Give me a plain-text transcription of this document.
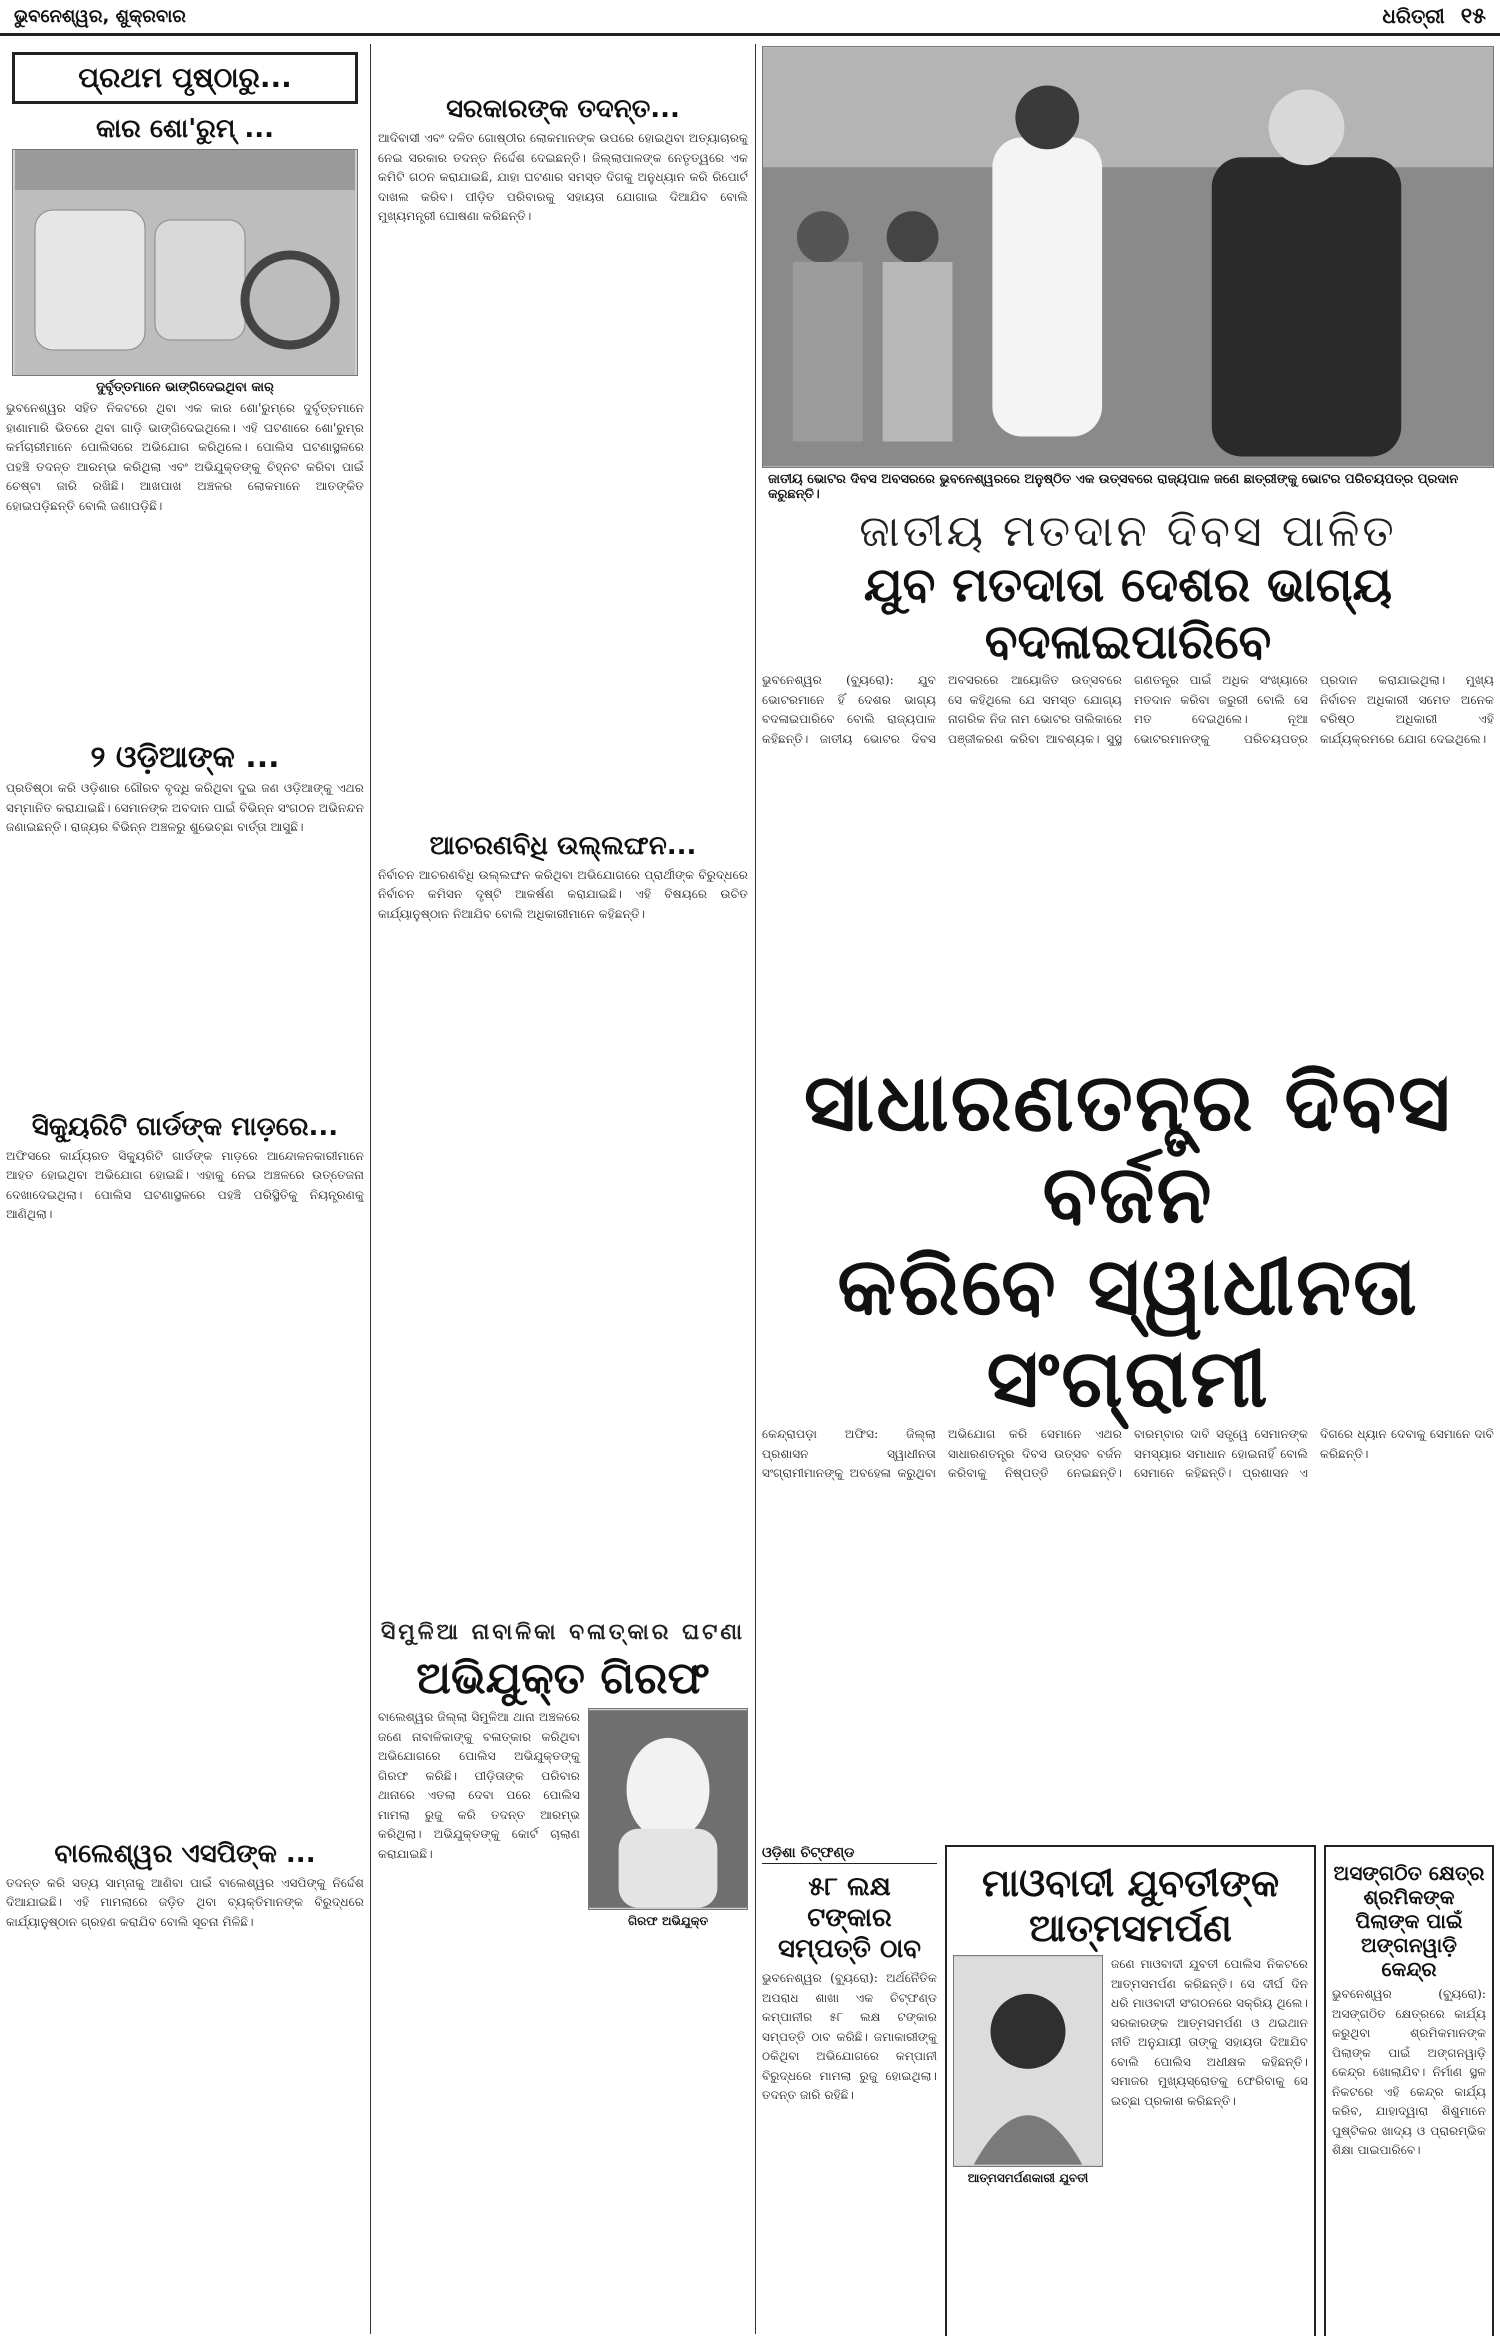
ଭୁବନେଶ୍ୱର, ଶୁକ୍ରବାର	ଧରିତ୍ରୀ ୧୫
ପ୍ରଥମ ପୃଷ୍ଠାରୁ...
କାର ଶୋ'ରୁମ୍ ...
ଦୁର୍ବୃତ୍ତମାନେ ଭାଙ୍ଗିଦେଇଥିବା କାର୍

ଭୁବନେଶ୍ୱର ସହିତ ନିକଟରେ ଥିବା ଏକ କାର ଶୋ'ରୁମ୍‌ରେ ଦୁର୍ବୃତ୍ତମାନେ ହାଣାମାରି ଭିତରେ ଥିବା ଗାଡ଼ି ଭାଙ୍ଗିଦେଇଥିଲେ। ଏହି ଘଟଣାରେ ଶୋ'ରୁମ୍‌ର କର୍ମଚାରୀମାନେ ପୋଲିସରେ ଅଭିଯୋଗ କରିଥିଲେ। ପୋଲିସ ଘଟଣାସ୍ଥଳରେ ପହଞ୍ଚି ତଦନ୍ତ ଆରମ୍ଭ କରିଥିଲା ଏବଂ ଅଭିଯୁକ୍ତଙ୍କୁ ଚିହ୍ନଟ କରିବା ପାଇଁ ଚେଷ୍ଟା ଜାରି ରଖିଛି। ଆଖପାଖ ଅଞ୍ଚଳର ଲୋକମାନେ ଆତଙ୍କିତ ହୋଇପଡ଼ିଛନ୍ତି ବୋଲି ଜଣାପଡ଼ିଛି।

୨ ଓଡ଼ିଆଙ୍କ ...

ପ୍ରତିଷ୍ଠା କରି ଓଡ଼ିଶାର ଗୌରବ ବୃଦ୍ଧି କରିଥିବା ଦୁଇ ଜଣ ଓଡ଼ିଆଙ୍କୁ ଏଥର ସମ୍ମାନିତ କରାଯାଇଛି। ସେମାନଙ୍କ ଅବଦାନ ପାଇଁ ବିଭିନ୍ନ ସଂଗଠନ ଅଭିନନ୍ଦନ ଜଣାଇଛନ୍ତି। ରାଜ୍ୟର ବିଭିନ୍ନ ଅଞ୍ଚଳରୁ ଶୁଭେଚ୍ଛା ବାର୍ତ୍ତା ଆସୁଛି।

ସିକ୍ୟୁରିଟି ଗାର୍ଡଙ୍କ ମାଡ଼ରେ...

ଅଫିସରେ କାର୍ଯ୍ୟରତ ସିକ୍ୟୁରିଟି ଗାର୍ଡଙ୍କ ମାଡ଼ରେ ଆନ୍ଦୋଳନକାରୀମାନେ ଆହତ ହୋଇଥିବା ଅଭିଯୋଗ ହୋଇଛି। ଏହାକୁ ନେଇ ଅଞ୍ଚଳରେ ଉତ୍ତେଜନା ଦେଖାଦେଇଥିଲା। ପୋଲିସ ଘଟଣାସ୍ଥଳରେ ପହଞ୍ଚି ପରିସ୍ଥିତିକୁ ନିୟନ୍ତ୍ରଣକୁ ଆଣିଥିଲା।

ବାଲେଶ୍ୱର ଏସପିଙ୍କ ...

ତଦନ୍ତ କରି ସତ୍ୟ ସାମ୍ନାକୁ ଆଣିବା ପାଇଁ ବାଲେଶ୍ୱର ଏସପିଙ୍କୁ ନିର୍ଦ୍ଦେଶ ଦିଆଯାଇଛି। ଏହି ମାମଲାରେ ଜଡ଼ିତ ଥିବା ବ୍ୟକ୍ତିମାନଙ୍କ ବିରୁଦ୍ଧରେ କାର୍ଯ୍ୟାନୁଷ୍ଠାନ ଗ୍ରହଣ କରାଯିବ ବୋଲି ସୂଚନା ମିଳିଛି।

ସରକାରଙ୍କ ତଦନ୍ତ...

ଆଦିବାସୀ ଏବଂ ଦଳିତ ଗୋଷ୍ଠୀର ଲୋକମାନଙ୍କ ଉପରେ ହୋଇଥିବା ଅତ୍ୟାଚାରକୁ ନେଇ ସରକାର ତଦନ୍ତ ନିର୍ଦ୍ଦେଶ ଦେଇଛନ୍ତି। ଜିଲ୍ଲାପାଳଙ୍କ ନେତୃତ୍ୱରେ ଏକ କମିଟି ଗଠନ କରାଯାଇଛି, ଯାହା ଘଟଣାର ସମସ୍ତ ଦିଗକୁ ଅନୁଧ୍ୟାନ କରି ରିପୋର୍ଟ ଦାଖଲ କରିବ। ପୀଡ଼ିତ ପରିବାରକୁ ସହାୟତା ଯୋଗାଇ ଦିଆଯିବ ବୋଲି ମୁଖ୍ୟମନ୍ତ୍ରୀ ଘୋଷଣା କରିଛନ୍ତି।

ଆଚରଣବିଧି ଉଲ୍ଲଙ୍ଘନ...

ନିର୍ବାଚନ ଆଚରଣବିଧି ଉଲ୍ଲଙ୍ଘନ କରିଥିବା ଅଭିଯୋଗରେ ପ୍ରାର୍ଥୀଙ୍କ ବିରୁଦ୍ଧରେ ନିର୍ବାଚନ କମିସନ ଦୃଷ୍ଟି ଆକର୍ଷଣ କରାଯାଇଛି। ଏହି ବିଷୟରେ ଉଚିତ କାର୍ଯ୍ୟାନୁଷ୍ଠାନ ନିଆଯିବ ବୋଲି ଅଧିକାରୀମାନେ କହିଛନ୍ତି।

ସିମୁଳିଆ ନାବାଳିକା ବଳାତ୍କାର ଘଟଣା
ଅଭିଯୁକ୍ତ ଗିରଫ

ବାଲେଶ୍ୱର ଜିଲ୍ଲା ସିମୁଳିଆ ଥାନା ଅଞ୍ଚଳରେ ଜଣେ ନାବାଳିକାଙ୍କୁ ବଳାତ୍କାର କରିଥିବା ଅଭିଯୋଗରେ ପୋଲିସ ଅଭିଯୁକ୍ତଙ୍କୁ ଗିରଫ କରିଛି। ପୀଡ଼ିତାଙ୍କ ପରିବାର ଥାନାରେ ଏତଲା ଦେବା ପରେ ପୋଲିସ ମାମଲା ରୁଜୁ କରି ତଦନ୍ତ ଆରମ୍ଭ କରିଥିଲା। ଅଭିଯୁକ୍ତଙ୍କୁ କୋର୍ଟ ଚାଲାଣ କରାଯାଇଛି।

ଗିରଫ ଅଭିଯୁକ୍ତ
ଜାତୀୟ ଭୋଟର ଦିବସ ଅବସରରେ ଭୁବନେଶ୍ୱରରେ ଅନୁଷ୍ଠିତ ଏକ ଉତ୍ସବରେ ରାଜ୍ୟପାଳ ଜଣେ ଛାତ୍ରୀଙ୍କୁ ଭୋଟର ପରିଚୟପତ୍ର ପ୍ରଦାନ କରୁଛନ୍ତି।
ଜାତୀୟ ମତଦାନ ଦିବସ ପାଳିତ
ଯୁବ ମତଦାତା ଦେଶର ଭାଗ୍ୟ ବଦଳାଇପାରିବେ

ଭୁବନେଶ୍ୱର (ବ୍ୟୁରୋ): ଯୁବ ଭୋଟରମାନେ ହିଁ ଦେଶର ଭାଗ୍ୟ ବଦଳାଇପାରିବେ ବୋଲି ରାଜ୍ୟପାଳ କହିଛନ୍ତି। ଜାତୀୟ ଭୋଟର ଦିବସ ଅବସରରେ ଆୟୋଜିତ ଉତ୍ସବରେ ସେ କହିଥିଲେ ଯେ ସମସ୍ତ ଯୋଗ୍ୟ ନାଗରିକ ନିଜ ନାମ ଭୋଟର ତାଲିକାରେ ପଞ୍ଜୀକରଣ କରିବା ଆବଶ୍ୟକ। ସୁସ୍ଥ ଗଣତନ୍ତ୍ର ପାଇଁ ଅଧିକ ସଂଖ୍ୟାରେ ମତଦାନ କରିବା ଜରୁରୀ ବୋଲି ସେ ମତ ଦେଇଥିଲେ। ନୂଆ ଭୋଟରମାନଙ୍କୁ ପରିଚୟପତ୍ର ପ୍ରଦାନ କରାଯାଇଥିଲା। ମୁଖ୍ୟ ନିର୍ବାଚନ ଅଧିକାରୀ ସମେତ ଅନେକ ବରିଷ୍ଠ ଅଧିକାରୀ ଏହି କାର୍ଯ୍ୟକ୍ରମରେ ଯୋଗ ଦେଇଥିଲେ।

ସାଧାରଣତନ୍ତ୍ର ଦିବସ ବର୍ଜନ
କରିବେ ସ୍ୱାଧୀନତା ସଂଗ୍ରାମୀ

କେନ୍ଦ୍ରାପଡ଼ା ଅଫିସ: ଜିଲ୍ଲା ପ୍ରଶାସନ ସ୍ୱାଧୀନତା ସଂଗ୍ରାମୀମାନଙ୍କୁ ଅବହେଳା କରୁଥିବା ଅଭିଯୋଗ କରି ସେମାନେ ଏଥର ସାଧାରଣତନ୍ତ୍ର ଦିବସ ଉତ୍ସବ ବର୍ଜନ କରିବାକୁ ନିଷ୍ପତ୍ତି ନେଇଛନ୍ତି। ବାରମ୍ବାର ଦାବି ସତ୍ତ୍ୱେ ସେମାନଙ୍କ ସମସ୍ୟାର ସମାଧାନ ହୋଇନାହିଁ ବୋଲି ସେମାନେ କହିଛନ୍ତି। ପ୍ରଶାସନ ଏ ଦିଗରେ ଧ୍ୟାନ ଦେବାକୁ ସେମାନେ ଦାବି କରିଛନ୍ତି।

ଓଡ଼ିଶା ଚିଟ୍‌ଫଣ୍ଡ
୫୮ ଲକ୍ଷ ଟଙ୍କାର ସମ୍ପତ୍ତି ଠାବ

ଭୁବନେଶ୍ୱର (ବ୍ୟୁରୋ): ଅର୍ଥନୈତିକ ଅପରାଧ ଶାଖା ଏକ ଚିଟ୍‌ଫଣ୍ଡ କମ୍ପାନୀର ୫୮ ଲକ୍ଷ ଟଙ୍କାର ସମ୍ପତ୍ତି ଠାବ କରିଛି। ଜମାକାରୀଙ୍କୁ ଠକିଥିବା ଅଭିଯୋଗରେ କମ୍ପାନୀ ବିରୁଦ୍ଧରେ ମାମଲା ରୁଜୁ ହୋଇଥିଲା। ତଦନ୍ତ ଜାରି ରହିଛି।

ମାଓବାଦୀ ଯୁବତୀଙ୍କ ଆତ୍ମସମର୍ପଣ
ଆତ୍ମସମର୍ପଣକାରୀ ଯୁବତୀ

ଜଣେ ମାଓବାଦୀ ଯୁବତୀ ପୋଲିସ ନିକଟରେ ଆତ୍ମସମର୍ପଣ କରିଛନ୍ତି। ସେ ଦୀର୍ଘ ଦିନ ଧରି ମାଓବାଦୀ ସଂଗଠନରେ ସକ୍ରିୟ ଥିଲେ। ସରକାରଙ୍କ ଆତ୍ମସମର୍ପଣ ଓ ଥଇଥାନ ନୀତି ଅନୁଯାୟୀ ତାଙ୍କୁ ସହାୟତା ଦିଆଯିବ ବୋଲି ପୋଲିସ ଅଧୀକ୍ଷକ କହିଛନ୍ତି। ସମାଜର ମୁଖ୍ୟସ୍ରୋତକୁ ଫେରିବାକୁ ସେ ଇଚ୍ଛା ପ୍ରକାଶ କରିଛନ୍ତି।

ଅସଙ୍ଗଠିତ କ୍ଷେତ୍ର ଶ୍ରମିକଙ୍କ ପିଲାଙ୍କ ପାଇଁ ଅଙ୍ଗନୱାଡ଼ି କେନ୍ଦ୍ର

ଭୁବନେଶ୍ୱର (ବ୍ୟୁରୋ): ଅସଙ୍ଗଠିତ କ୍ଷେତ୍ରରେ କାର୍ଯ୍ୟ କରୁଥିବା ଶ୍ରମିକମାନଙ୍କ ପିଲାଙ୍କ ପାଇଁ ଅଙ୍ଗନୱାଡ଼ି କେନ୍ଦ୍ର ଖୋଲାଯିବ। ନିର୍ମାଣ ସ୍ଥଳ ନିକଟରେ ଏହି କେନ୍ଦ୍ର କାର୍ଯ୍ୟ କରିବ, ଯାହାଦ୍ୱାରା ଶିଶୁମାନେ ପୁଷ୍ଟିକର ଖାଦ୍ୟ ଓ ପ୍ରାରମ୍ଭିକ ଶିକ୍ଷା ପାଇପାରିବେ।
